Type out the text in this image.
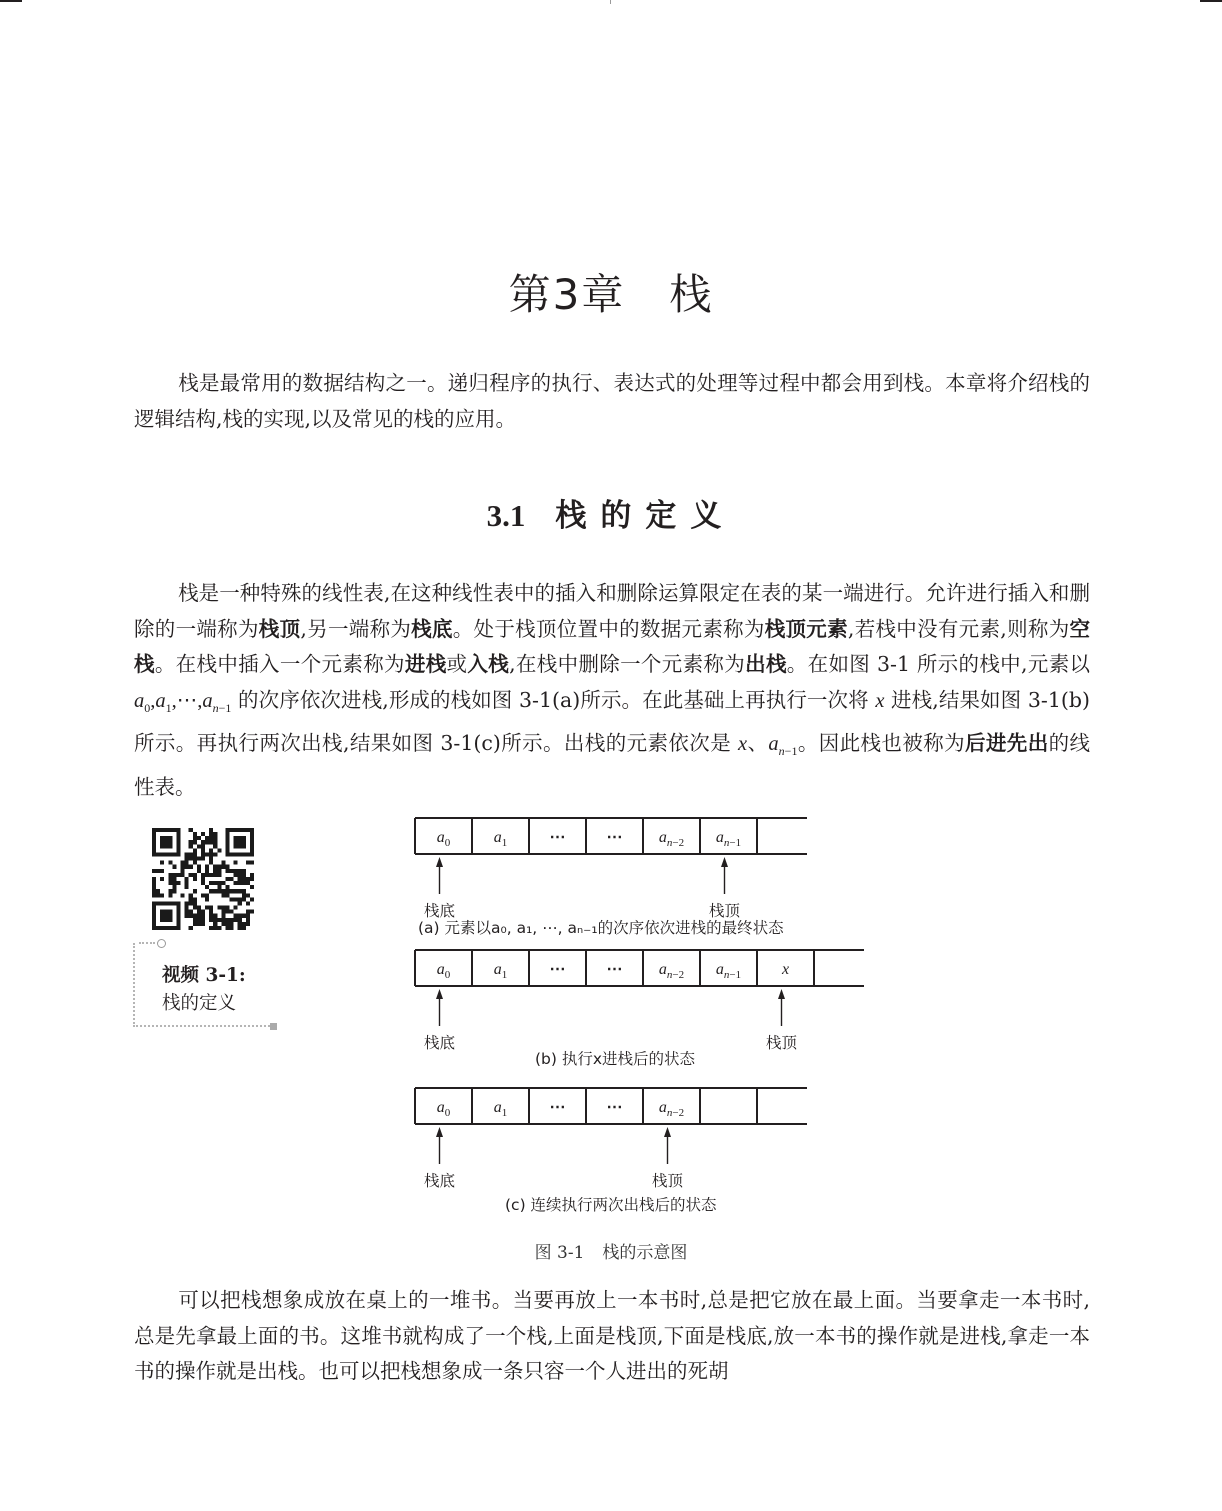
第3章 栈

栈是最常用的数据结构之一。递归程序的执行、表达式的处理等过程中都会用到栈。本章将介绍栈的逻辑结构,栈的实现,以及常见的栈的应用。

3.1 栈的定义

栈是一种特殊的线性表,在这种线性表中的插入和删除运算限定在表的某一端进行。允许进行插入和删除的一端称为栈顶,另一端称为栈底。处于栈顶位置中的数据元素称为栈顶元素,若栈中没有元素,则称为空栈。在栈中插入一个元素称为进栈或入栈,在栈中删除一个元素称为出栈。在如图 3-1 所示的栈中,元素以 $a_0,a_1,\cdots,a_{n-1}$ 的次序依次进栈,形成的栈如图 3-1(a)所示。在此基础上再执行一次将 x 进栈,结果如图 3-1(b)所示。再执行两次出栈,结果如图 3-1(c)所示。出栈的元素依次是 x、$a_{n-1}$。因此栈也被称为后进先出的线性表。

视频 3-1:
栈的定义
$a_0$	$a_1$	⋯	⋯ $a_{n-2}$ $a_{n-1}$
栈底	栈顶
(a) 元素以a₀, a₁, ⋯, aₙ₋₁的次序依次进栈的最终状态
$a_0$	$a_1$	⋯	⋯ $a_{n-2}$ $a_{n-1}$	x
栈底	栈顶
(b) 执行x进栈后的状态
$a_0$	$a_1$	⋯	⋯ $a_{n-2}$
栈底	栈顶
(c) 连续执行两次出栈后的状态
图 3-1 栈的示意图

可以把栈想象成放在桌上的一堆书。当要再放上一本书时,总是把它放在最上面。当要拿走一本书时,总是先拿最上面的书。这堆书就构成了一个栈,上面是栈顶,下面是栈底,放一本书的操作就是进栈,拿走一本书的操作就是出栈。也可以把栈想象成一条只容一个人进出的死胡
